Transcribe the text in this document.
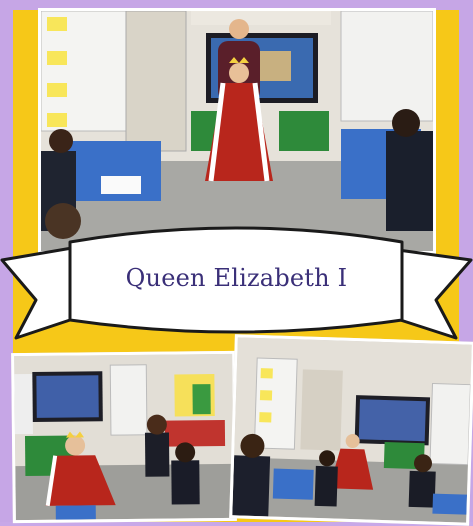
Queen Elizabeth I
